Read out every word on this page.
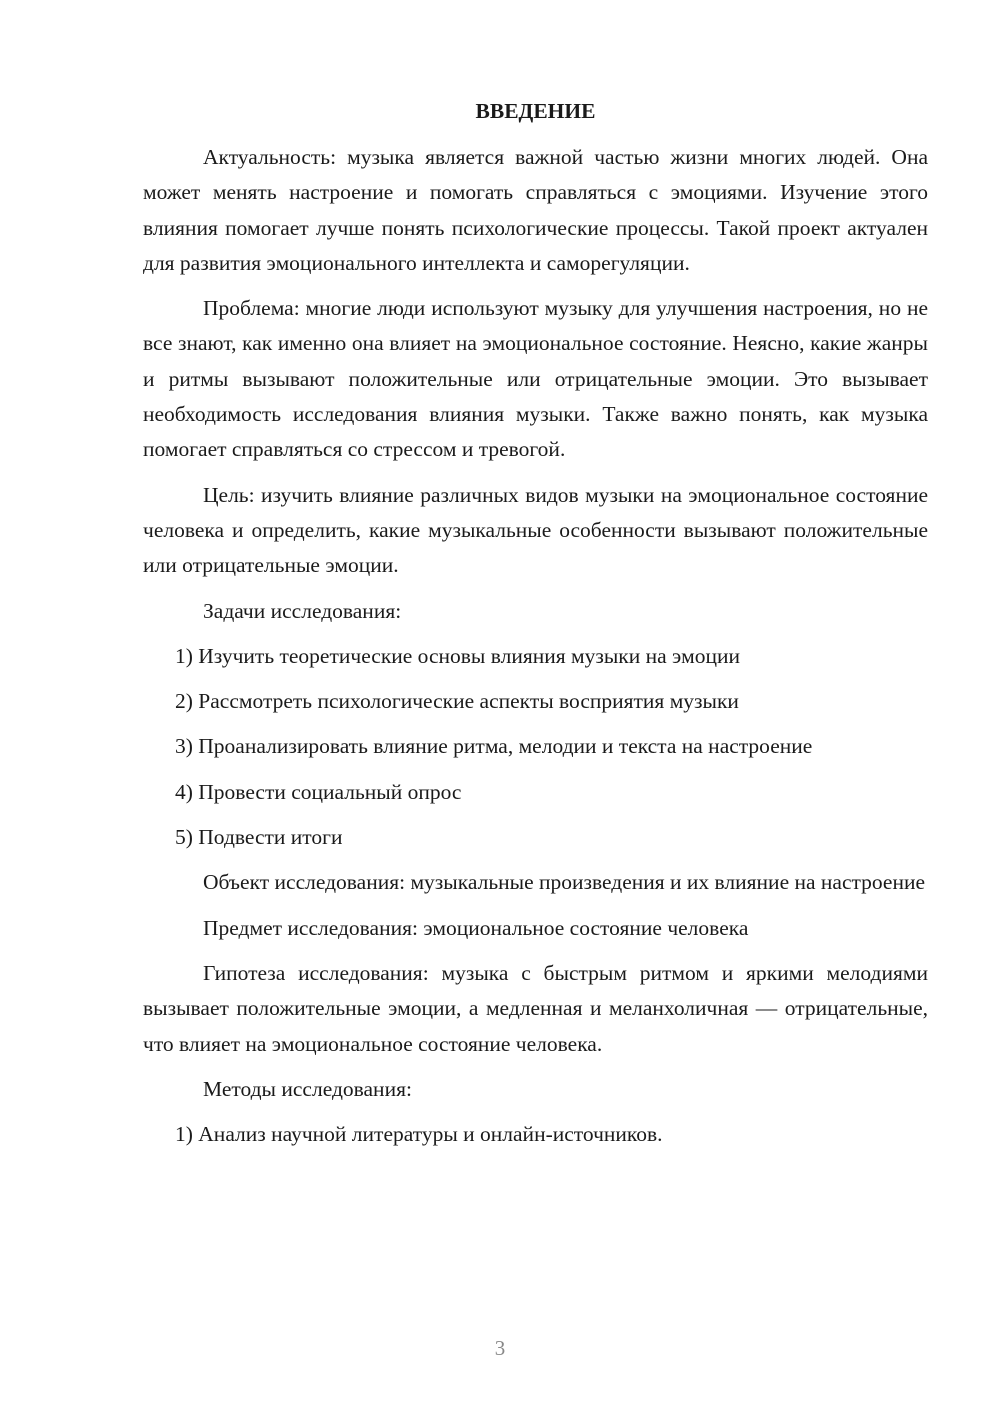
ВВЕДЕНИЕ

Актуальность: музыка является важной частью жизни многих людей. Она может менять настроение и помогать справляться с эмоциями. Изучение этого влияния помогает лучше понять психологические процессы. Такой проект актуален для развития эмоционального интеллекта и саморегуляции.

Проблема: многие люди используют музыку для улучшения настроения, но не все знают, как именно она влияет на эмоциональное состояние. Неясно, какие жанры и ритмы вызывают положительные или отрицательные эмоции. Это вызывает необходимость исследования влияния музыки. Также важно понять, как музыка помогает справляться со стрессом и тревогой.

Цель: изучить влияние различных видов музыки на эмоциональное состояние человека и определить, какие музыкальные особенности вызывают положительные или отрицательные эмоции.

Задачи исследования:

1) Изучить теоретические основы влияния музыки на эмоции

2) Рассмотреть психологические аспекты восприятия музыки

3) Проанализировать влияние ритма, мелодии и текста на настроение

4) Провести социальный опрос

5) Подвести итоги

Объект исследования: музыкальные произведения и их влияние на настроение

Предмет исследования: эмоциональное состояние человека

Гипотеза исследования: музыка с быстрым ритмом и яркими мелодиями вызывает положительные эмоции, а медленная и меланхоличная — отрицательные, что влияет на эмоциональное состояние человека.

Методы исследования:

1) Анализ научной литературы и онлайн-источников.

3
